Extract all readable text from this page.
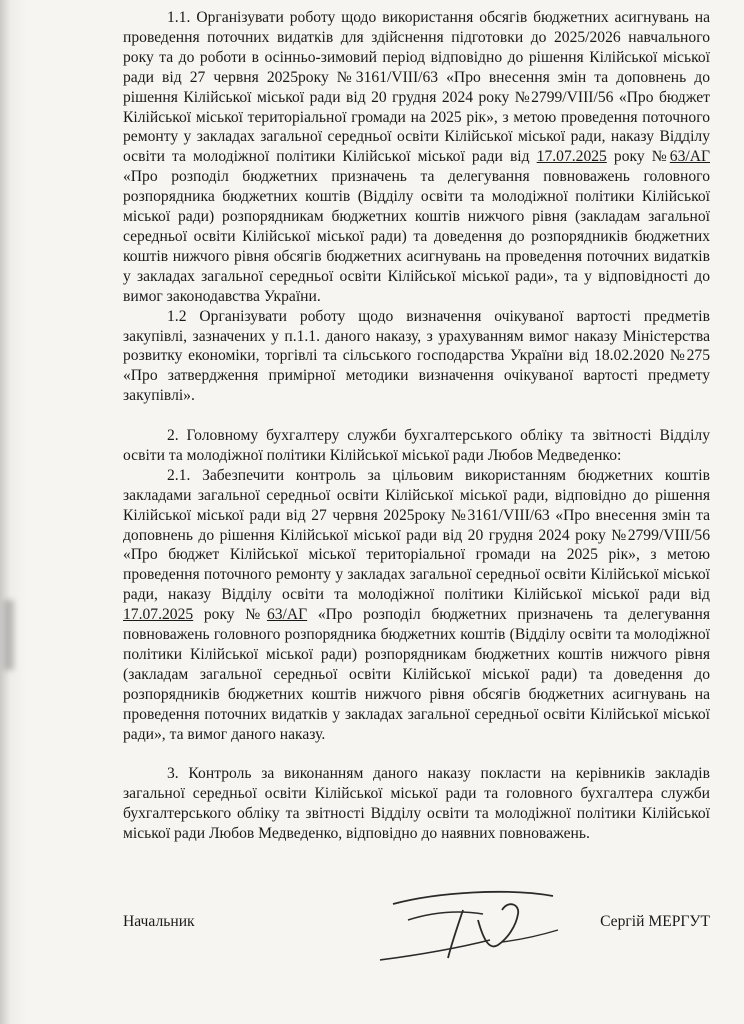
1.1. Організувати роботу щодо використання обсягів бюджетних асигнувань на проведення поточних видатків для здійснення підготовки до 2025/2026 навчального року та до роботи в осінньо-зимовий період відповідно до рішення Кілійської міської ради від 27 червня 2025року №3161/VIII/63 «Про внесення змін та доповнень до рішення Кілійської міської ради від 20 грудня 2024 року №2799/VIII/56 «Про бюджет Кілійської міської територіальної громади на 2025 рік», з метою проведення поточного ремонту у закладах загальної середньої освіти Кілійської міської ради, наказу Відділу освіти та молодіжної політики Кілійської міської ради від 17.07.2025 року №63/АГ «Про розподіл бюджетних призначень та делегування повноважень головного розпорядника бюджетних коштів (Відділу освіти та молодіжної політики Кілійської міської ради) розпорядникам бюджетних коштів нижчого рівня (закладам загальної середньої освіти Кілійської міської ради) та доведення до розпорядників бюджетних коштів нижчого рівня обсягів бюджетних асигнувань на проведення поточних видатків у закладах загальної середньої освіти Кілійської міської ради», та у відповідності до вимог законодавства України.

1.2 Організувати роботу щодо визначення очікуваної вартості предметів закупівлі, зазначених у п.1.1. даного наказу, з урахуванням вимог наказу Міністерства розвитку економіки, торгівлі та сільського господарства України від 18.02.2020 №275 «Про затвердження примірної методики визначення очікуваної вартості предмету закупівлі».

2. Головному бухгалтеру служби бухгалтерського обліку та звітності Відділу освіти та молодіжної політики Кілійської міської ради Любов Медведенко:

2.1. Забезпечити контроль за цільовим використанням бюджетних коштів закладами загальної середньої освіти Кілійської міської ради, відповідно до рішення Кілійської міської ради від 27 червня 2025року №3161/VIII/63 «Про внесення змін та доповнень до рішення Кілійської міської ради від 20 грудня 2024 року №2799/VIII/56 «Про бюджет Кілійської міської територіальної громади на 2025 рік», з метою проведення поточного ремонту у закладах загальної середньої освіти Кілійської міської ради, наказу Відділу освіти та молодіжної політики Кілійської міської ради від 17.07.2025 року №63/АГ «Про розподіл бюджетних призначень та делегування повноважень головного розпорядника бюджетних коштів (Відділу освіти та молодіжної політики Кілійської міської ради) розпорядникам бюджетних коштів нижчого рівня (закладам загальної середньої освіти Кілійської міської ради) та доведення до розпорядників бюджетних коштів нижчого рівня обсягів бюджетних асигнувань на проведення поточних видатків у закладах загальної середньої освіти Кілійської міської ради», та вимог даного наказу.

3. Контроль за виконанням даного наказу покласти на керівників закладів загальної середньої освіти Кілійської міської ради та головного бухгалтера служби бухгалтерського обліку та звітності Відділу освіти та молодіжної політики Кілійської міської ради Любов Медведенко, відповідно до наявних повноважень.

Начальник	Сергій МЕРГУТ
